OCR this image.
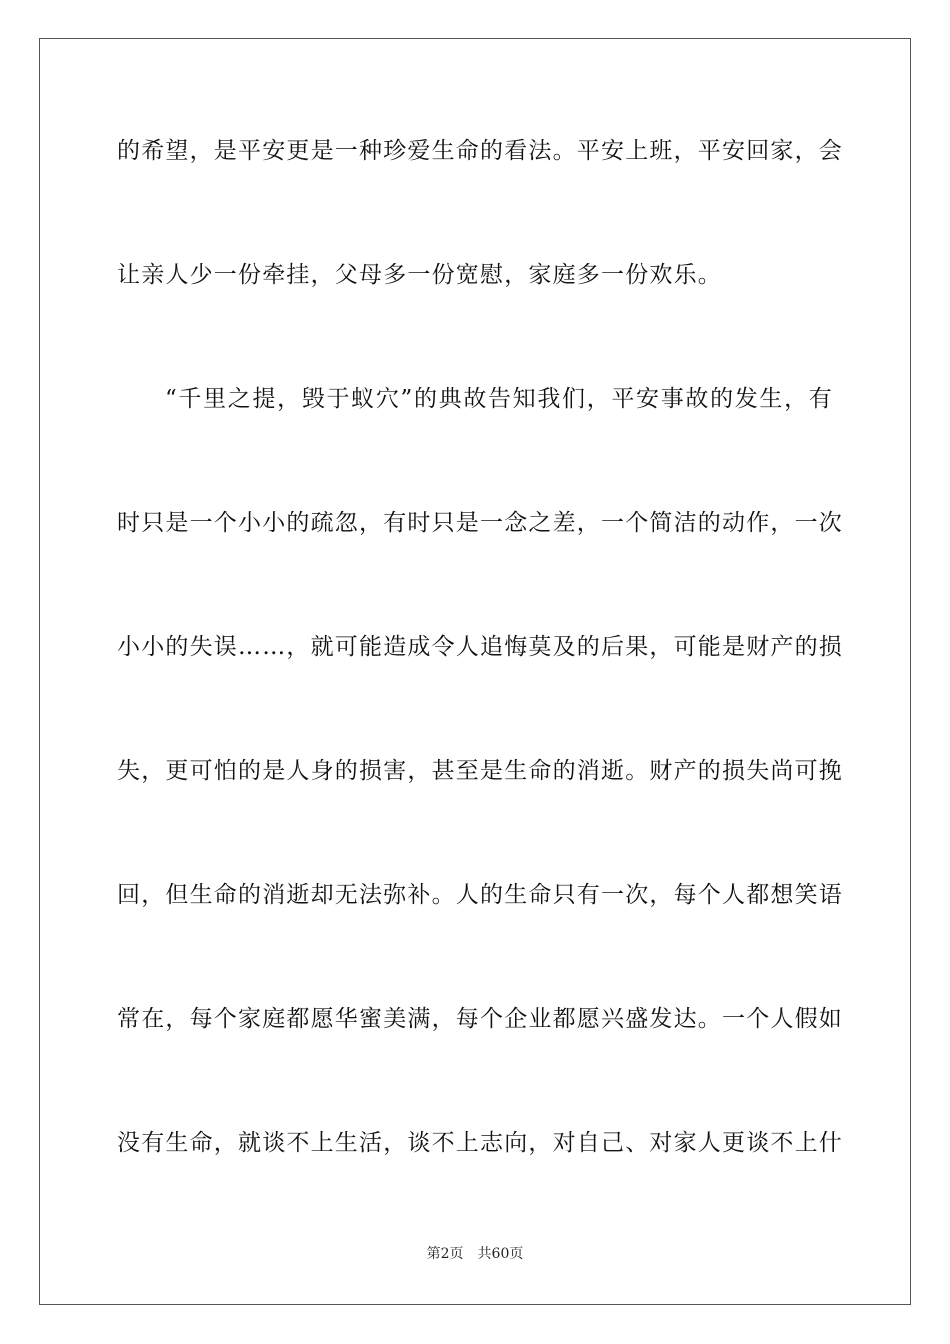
的希望，是平安更是一种珍爱生命的看法。平安上班，平安回家，会
让亲人少一份牵挂，父母多一份宽慰，家庭多一份欢乐。
“千里之提，毁于蚁穴”的典故告知我们，平安事故的发生，有
时只是一个小小的疏忽，有时只是一念之差，一个简洁的动作，一次
小小的失误……，就可能造成令人追悔莫及的后果，可能是财产的损
失，更可怕的是人身的损害，甚至是生命的消逝。财产的损失尚可挽
回，但生命的消逝却无法弥补。人的生命只有一次，每个人都想笑语
常在，每个家庭都愿华蜜美满，每个企业都愿兴盛发达。一个人假如
没有生命，就谈不上生活，谈不上志向，对自己、对家人更谈不上什
第2页 共60页
